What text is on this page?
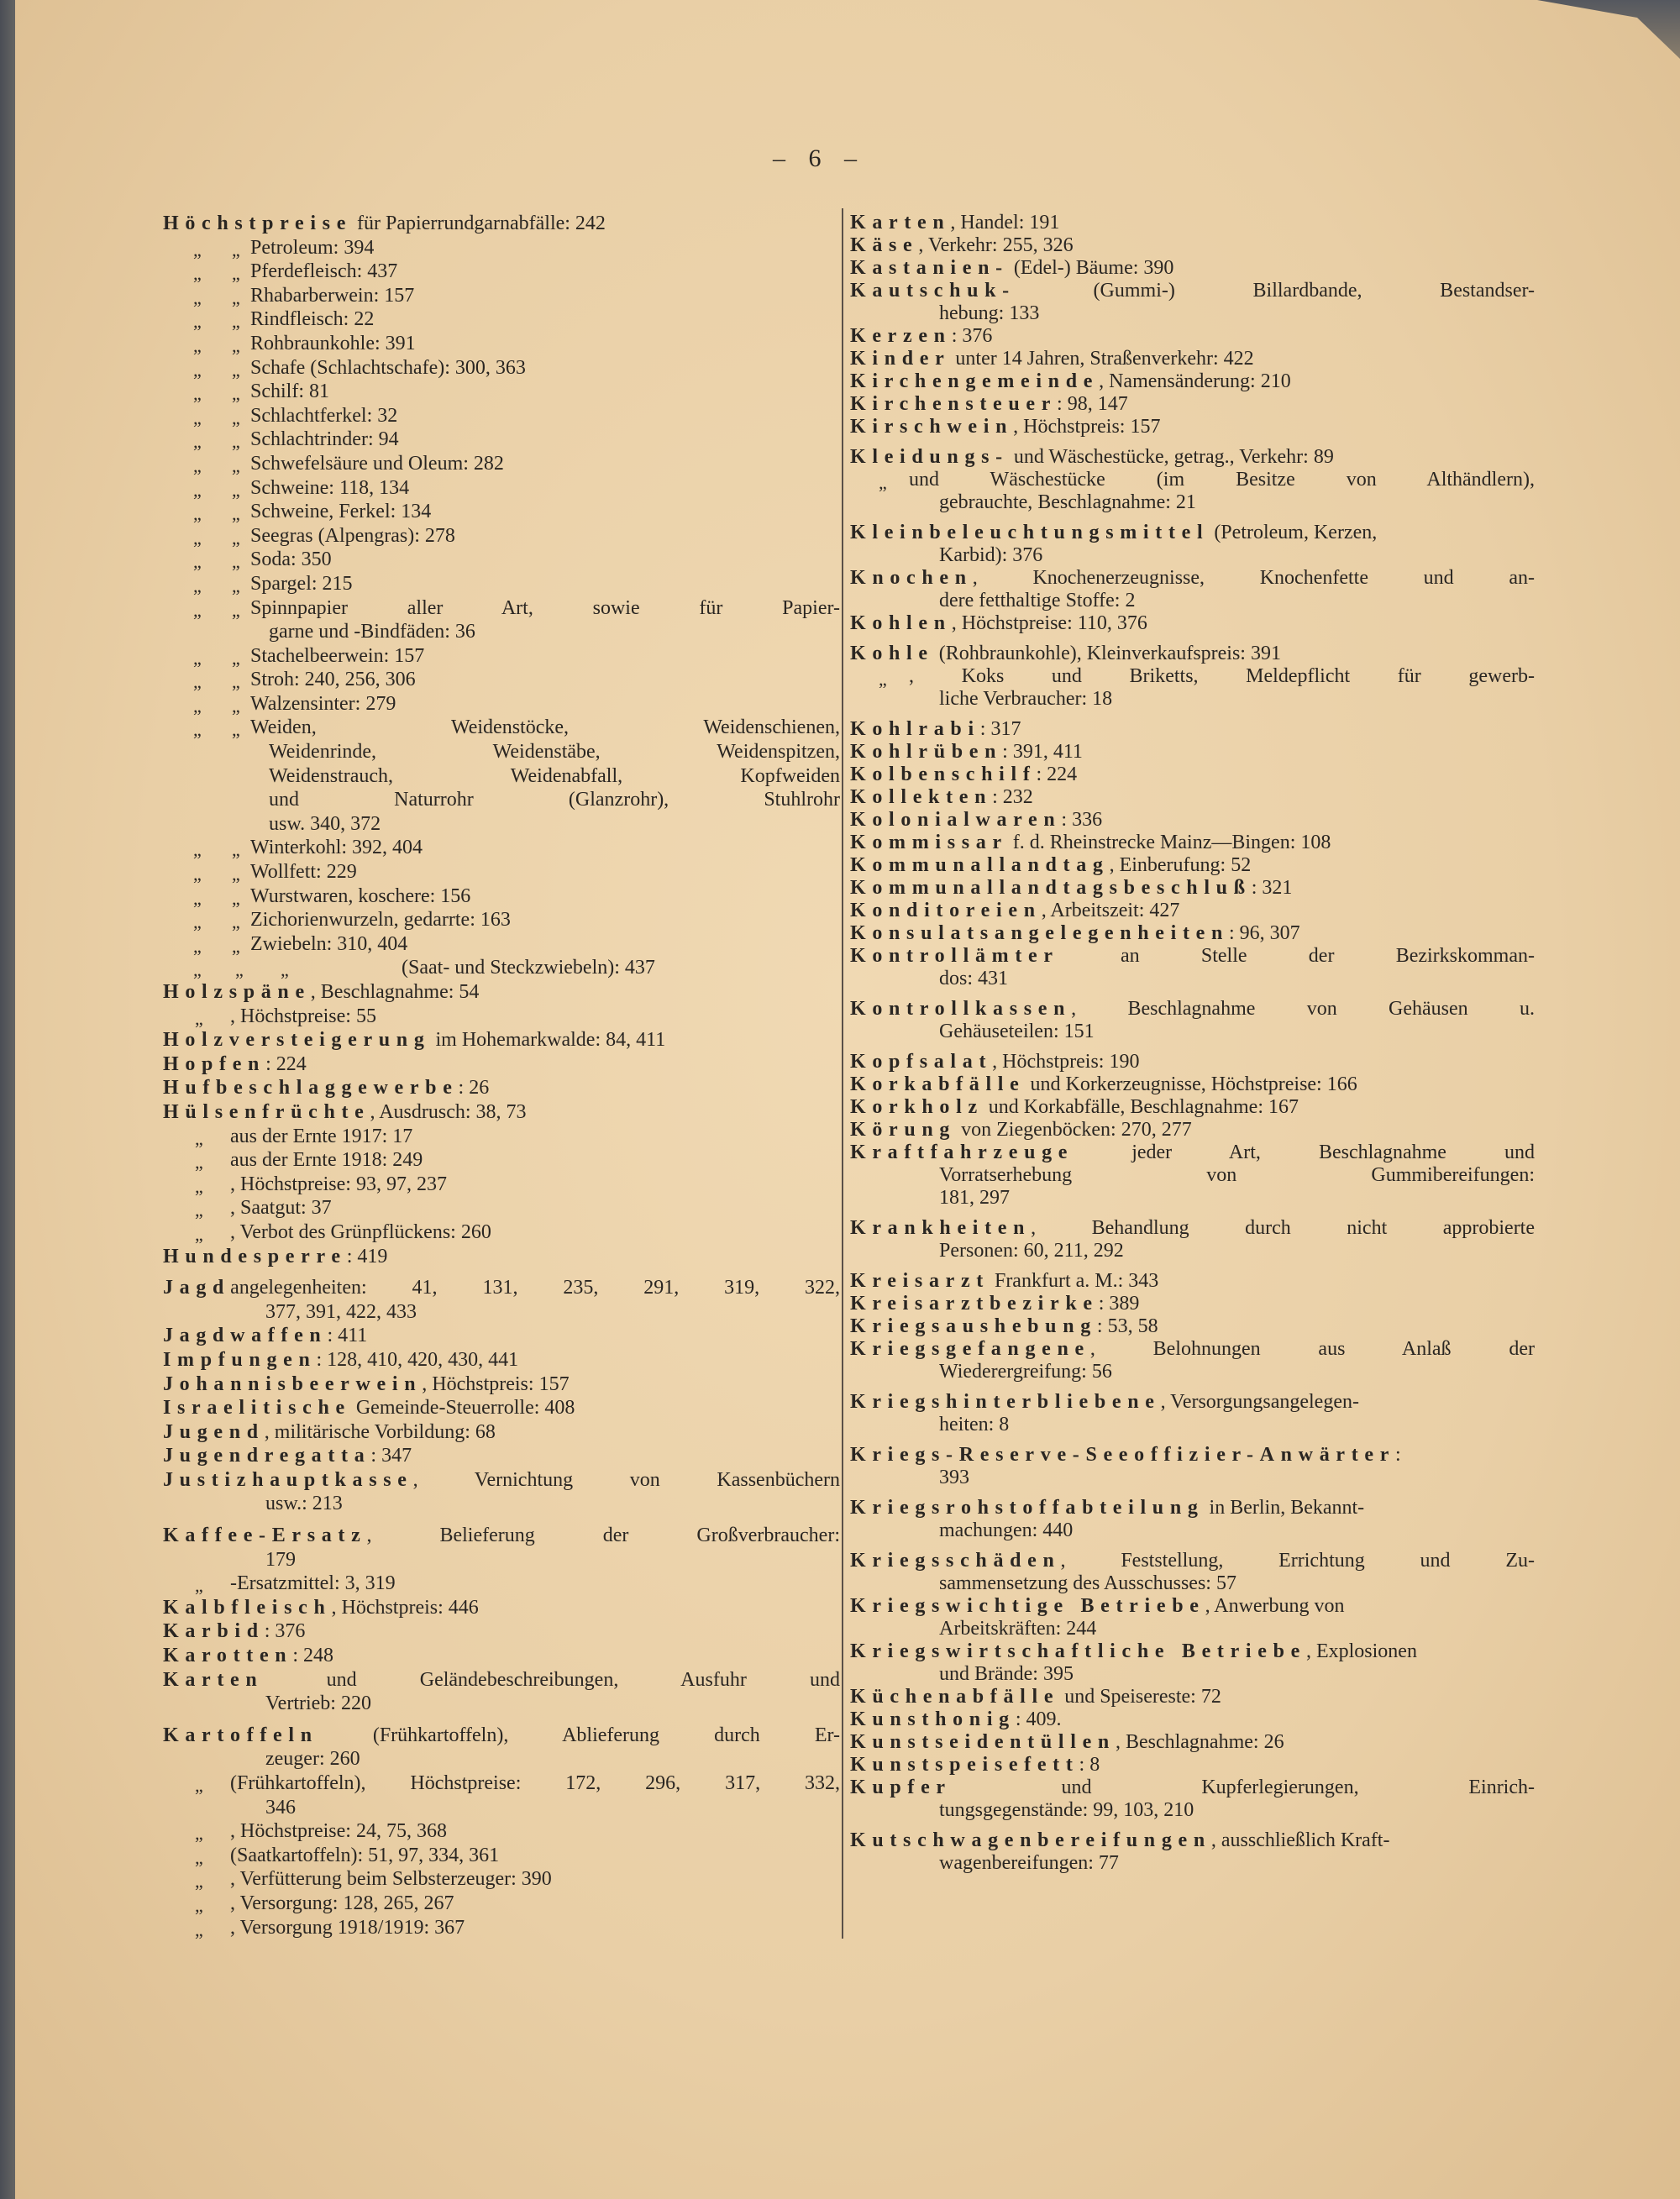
– 6 –
Höchstpreise für Papierrundgarnabfälle: 242
„ „ Petroleum: 394
„ „ Pferdefleisch: 437
„ „ Rhabarberwein: 157
„ „ Rindfleisch: 22
„ „ Rohbraunkohle: 391
„ „ Schafe (Schlachtschafe): 300, 363
„ „ Schilf: 81
„ „ Schlachtferkel: 32
„ „ Schlachtrinder: 94
„ „ Schwefelsäure und Oleum: 282
„ „ Schweine: 118, 134
„ „ Schweine, Ferkel: 134
„ „ Seegras (Alpengras): 278
„ „ Soda: 350
„ „ Spargel: 215
„ „ Spinnpapier aller Art, sowie für Papier-
garne und -Bindfäden: 36
„ „ Stachelbeerwein: 157
„ „ Stroh: 240, 256, 306
„ „ Walzensinter: 279
„ „ Weiden, Weidenstöcke, Weidenschienen,
Weidenrinde, Weidenstäbe, Weidenspitzen,
Weidenstrauch, Weidenabfall, Kopfweiden
und Naturrohr (Glanzrohr), Stuhlrohr
usw. 340, 372
„ „ Winterkohl: 392, 404
„ „ Wollfett: 229
„ „ Wurstwaren, koschere: 156
„ „ Zichorienwurzeln, gedarrte: 163
„ „ Zwiebeln: 310, 404
„ „ „	(Saat- und Steckzwiebeln): 437
Holzspäne, Beschlagnahme: 54
„ , Höchstpreise: 55
Holzversteigerung im Hohemarkwalde: 84, 411
Hopfen: 224
Hufbeschlaggewerbe: 26
Hülsenfrüchte, Ausdrusch: 38, 73
„ aus der Ernte 1917: 17
„ aus der Ernte 1918: 249
„ , Höchstpreise: 93, 97, 237
„ , Saatgut: 37
„ , Verbot des Grünpflückens: 260
Hundesperre: 419
Jagdangelegenheiten: 41, 131, 235, 291, 319, 322,
377, 391, 422, 433
Jagdwaffen: 411
Impfungen: 128, 410, 420, 430, 441
Johannisbeerwein, Höchstpreis: 157
Israelitische Gemeinde-Steuerrolle: 408
Jugend, militärische Vorbildung: 68
Jugendregatta: 347
Justizhauptkasse, Vernichtung von Kassenbüchern
usw.: 213
Kaffee-Ersatz, Belieferung der Großverbraucher:
179
„ -Ersatzmittel: 3, 319
Kalbfleisch, Höchstpreis: 446
Karbid: 376
Karotten: 248
Karten und Geländebeschreibungen, Ausfuhr und
Vertrieb: 220
Kartoffeln (Frühkartoffeln), Ablieferung durch Er-
zeuger: 260
„ (Frühkartoffeln), Höchstpreise: 172, 296, 317, 332,
346
„ , Höchstpreise: 24, 75, 368
„ (Saatkartoffeln): 51, 97, 334, 361
„ , Verfütterung beim Selbsterzeuger: 390
„ , Versorgung: 128, 265, 267
„ , Versorgung 1918/1919: 367
Karten, Handel: 191
Käse, Verkehr: 255, 326
Kastanien- (Edel-) Bäume: 390
Kautschuk- (Gummi-) Billardbande, Bestandser-
hebung: 133
Kerzen: 376
Kinder unter 14 Jahren, Straßenverkehr: 422
Kirchengemeinde, Namensänderung: 210
Kirchensteuer: 98, 147
Kirschwein, Höchstpreis: 157
Kleidungs- und Wäschestücke, getrag., Verkehr: 89
„ und Wäschestücke (im Besitze von Althändlern),
gebrauchte, Beschlagnahme: 21
Kleinbeleuchtungsmittel (Petroleum, Kerzen,
Karbid): 376
Knochen, Knochenerzeugnisse, Knochenfette und an-
dere fetthaltige Stoffe: 2
Kohlen, Höchstpreise: 110, 376
Kohle (Rohbraunkohle), Kleinverkaufspreis: 391
„ , Koks und Briketts, Meldepflicht für gewerb-
liche Verbraucher: 18
Kohlrabi: 317
Kohlrüben: 391, 411
Kolbenschilf: 224
Kollekten: 232
Kolonialwaren: 336
Kommissar f. d. Rheinstrecke Mainz—Bingen: 108
Kommunallandtag, Einberufung: 52
Kommunallandtagsbeschluß: 321
Konditoreien, Arbeitszeit: 427
Konsulatsangelegenheiten: 96, 307
Kontrollämter an Stelle der Bezirkskomman-
dos: 431
Kontrollkassen, Beschlagnahme von Gehäusen u.
Gehäuseteilen: 151
Kopfsalat, Höchstpreis: 190
Korkabfälle und Korkerzeugnisse, Höchstpreise: 166
Korkholz und Korkabfälle, Beschlagnahme: 167
Körung von Ziegenböcken: 270, 277
Kraftfahrzeuge jeder Art, Beschlagnahme und
Vorratserhebung von Gummibereifungen:
181, 297
Krankheiten, Behandlung durch nicht approbierte
Personen: 60, 211, 292
Kreisarzt Frankfurt a. M.: 343
Kreisarztbezirke: 389
Kriegsaushebung: 53, 58
Kriegsgefangene, Belohnungen aus Anlaß der
Wiederergreifung: 56
Kriegshinterbliebene, Versorgungsangelegen-
heiten: 8
Kriegs-Reserve-Seeoffizier-Anwärter:
393
Kriegsrohstoffabteilung in Berlin, Bekannt-
machungen: 440
Kriegsschäden, Feststellung, Errichtung und Zu-
sammensetzung des Ausschusses: 57
Kriegswichtige Betriebe, Anwerbung von
Arbeitskräften: 244
Kriegswirtschaftliche Betriebe, Explosionen
und Brände: 395
Küchenabfälle und Speisereste: 72
Kunsthonig: 409.
Kunstseidentüllen, Beschlagnahme: 26
Kunstspeisefett: 8
Kupfer und Kupferlegierungen, Einrich-
tungsgegenstände: 99, 103, 210
Kutschwagenbereifungen, ausschließlich Kraft-
wagenbereifungen: 77
